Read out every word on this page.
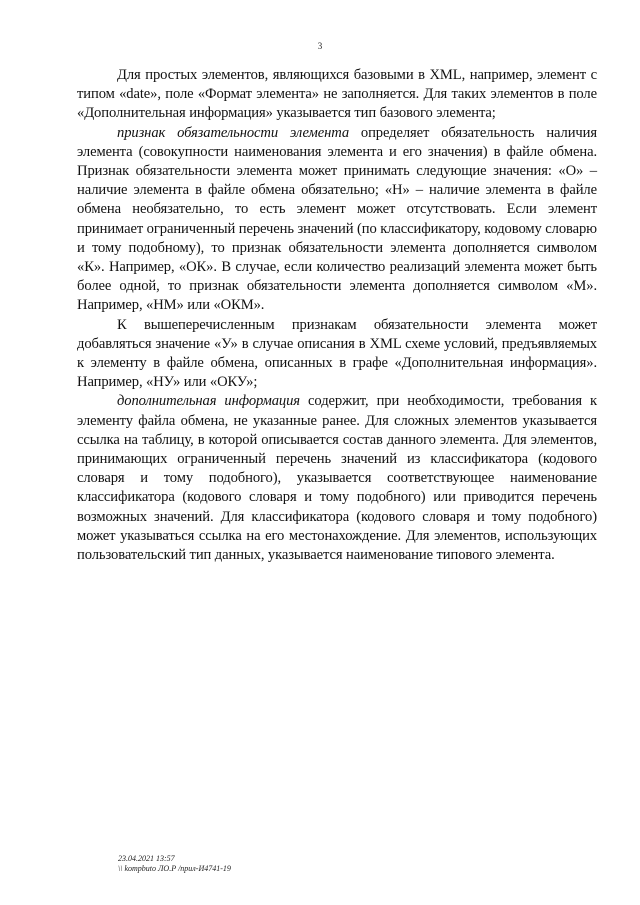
3

Для простых элементов, являющихся базовыми в XML, например, элемент с типом «date», поле «Формат элемента» не заполняется. Для таких элементов в поле «Дополнительная информация» указывается тип базового элемента;

признак обязательности элемента определяет обязательность наличия элемента (совокупности наименования элемента и его значения) в файле обмена. Признак обязательности элемента может принимать следующие значения: «О» – наличие элемента в файле обмена обязательно; «Н» – наличие элемента в файле обмена необязательно, то есть элемент может отсутствовать. Если элемент принимает ограниченный перечень значений (по классификатору, кодовому словарю и тому подобному), то признак обязательности элемента дополняется символом «К». Например, «ОК». В случае, если количество реализаций элемента может быть более одной, то признак обязательности элемента дополняется символом «М». Например, «НМ» или «ОКМ».

К вышеперечисленным признакам обязательности элемента может добавляться значение «У» в случае описания в XML схеме условий, предъявляемых к элементу в файле обмена, описанных в графе «Дополнительная информация». Например, «НУ» или «ОКУ»;

дополнительная информация содержит, при необходимости, требования к элементу файла обмена, не указанные ранее. Для сложных элементов указывается ссылка на таблицу, в которой описывается состав данного элемента. Для элементов, принимающих ограниченный перечень значений из классификатора (кодового словаря и тому подобного), указывается соответствующее наименование классификатора (кодового словаря и тому подобного) или приводится перечень возможных значений. Для классификатора (кодового словаря и тому подобного) может указываться ссылка на его местонахождение. Для элементов, использующих пользовательский тип данных, указывается наименование типового элемента.

23.04.2021 13:57
\\ kompbuto ЛО.Р /прил-И4741-19
